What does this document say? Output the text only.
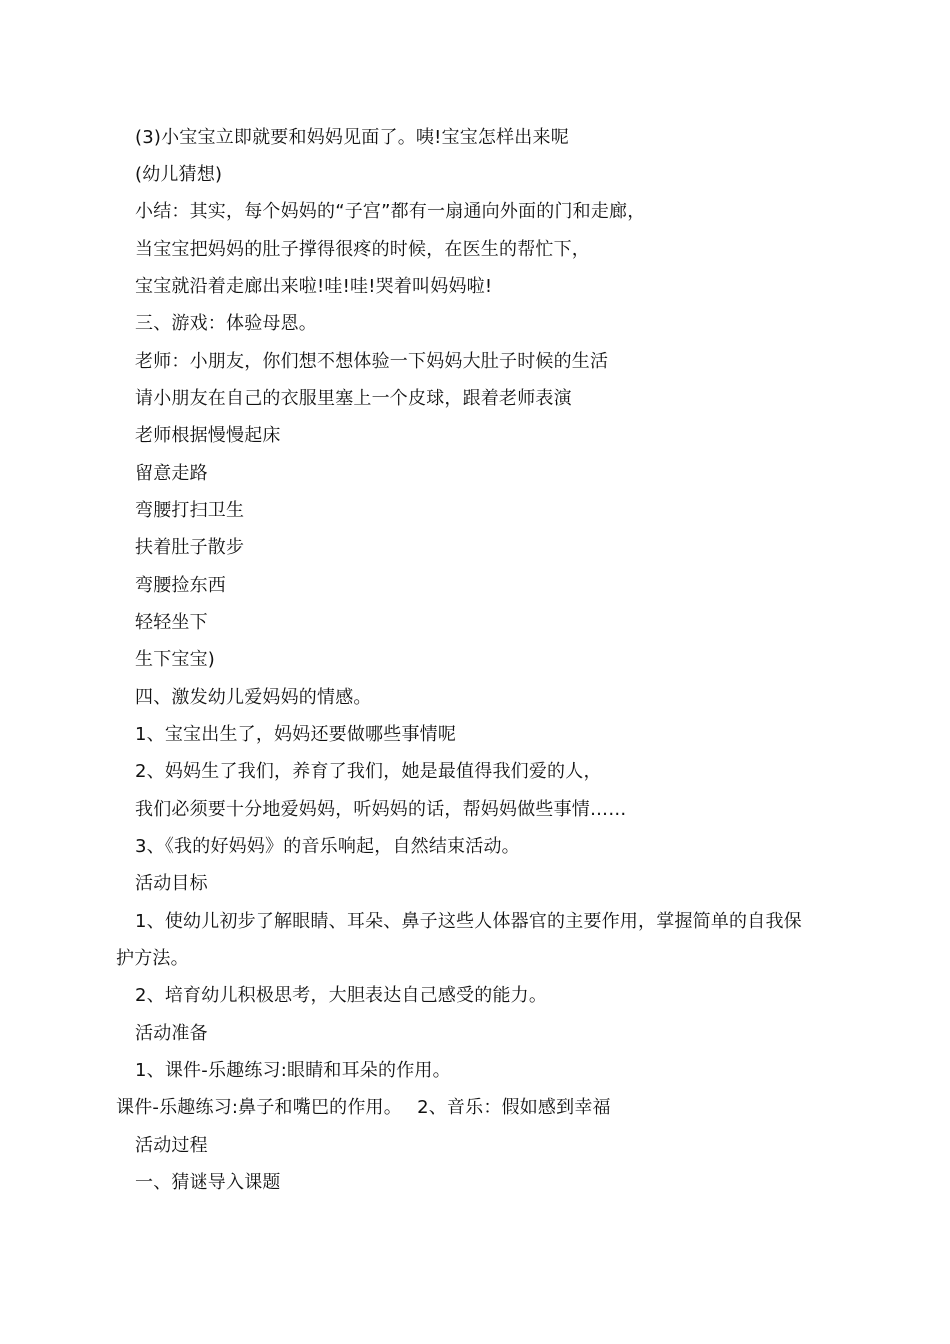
(3)小宝宝立即就要和妈妈见面了。咦!宝宝怎样出来呢
(幼儿猜想)
小结：其实，每个妈妈的“子宫”都有一扇通向外面的门和走廊，
当宝宝把妈妈的肚子撑得很疼的时候，在医生的帮忙下，
宝宝就沿着走廊出来啦!哇!哇!哭着叫妈妈啦!
三、游戏：体验母恩。
老师：小朋友，你们想不想体验一下妈妈大肚子时候的生活
请小朋友在自己的衣服里塞上一个皮球，跟着老师表演
老师根据慢慢起床
留意走路
弯腰打扫卫生
扶着肚子散步
弯腰捡东西
轻轻坐下
生下宝宝)
四、激发幼儿爱妈妈的情感。
1、宝宝出生了，妈妈还要做哪些事情呢
2、妈妈生了我们，养育了我们，她是最值得我们爱的人，
我们必须要十分地爱妈妈，听妈妈的话，帮妈妈做些事情……
3、《我的好妈妈》的音乐响起，自然结束活动。
活动目标
1、使幼儿初步了解眼睛、耳朵、鼻子这些人体器官的主要作用，掌握简单的自我保
护方法。
2、培育幼儿积极思考，大胆表达自己感受的能力。
活动准备
1、课件-乐趣练习:眼睛和耳朵的作用。
课件-乐趣练习:鼻子和嘴巴的作用。　 2、音乐：假如感到幸福
活动过程
一、猜谜导入课题
